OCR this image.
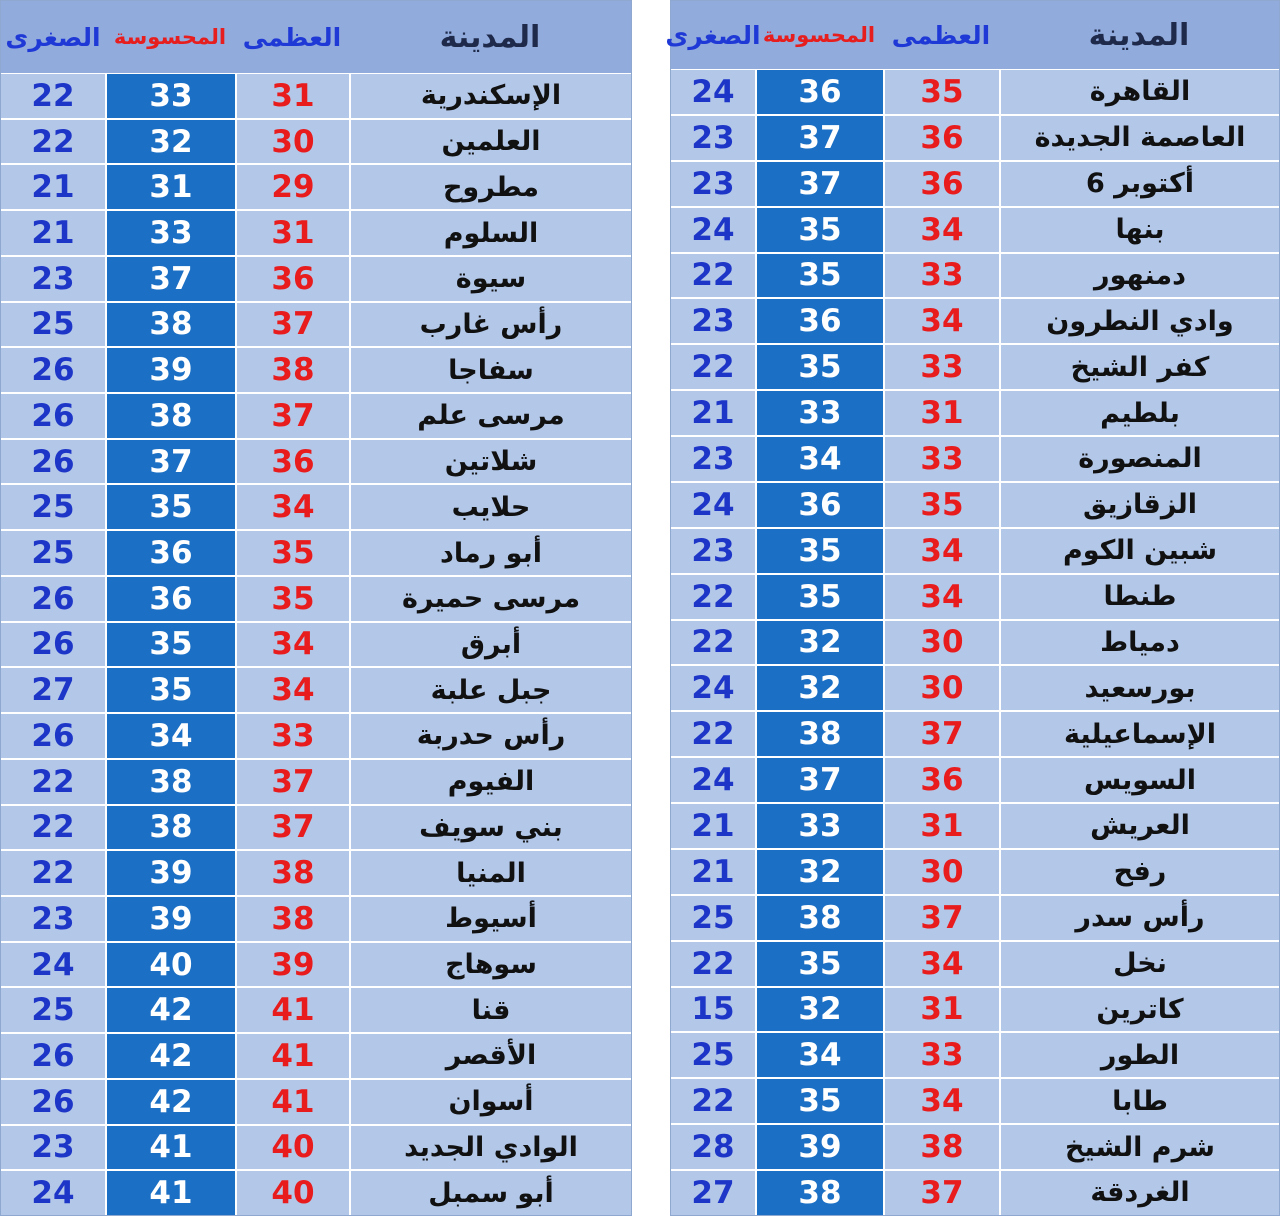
المدينة
العظمى
المحسوسة
الصغرى
الإسكندرية
31
33
22
العلمين
30
32
22
مطروح
29
31
21
السلوم
31
33
21
سيوة
36
37
23
رأس غارب
37
38
25
سفاجا
38
39
26
مرسى علم
37
38
26
شلاتين
36
37
26
حلايب
34
35
25
أبو رماد
35
36
25
مرسى حميرة
35
36
26
أبرق
34
35
26
جبل علبة
34
35
27
رأس حدربة
33
34
26
الفيوم
37
38
22
بني سويف
37
38
22
المنيا
38
39
22
أسيوط
38
39
23
سوهاج
39
40
24
قنا
41
42
25
الأقصر
41
42
26
أسوان
41
42
26
الوادي الجديد
40
41
23
أبو سمبل
40
41
24
المدينة
العظمى
المحسوسة
الصغرى
القاهرة
35
36
24
العاصمة الجديدة
36
37
23
6 أكتوبر
36
37
23
بنها
34
35
24
دمنهور
33
35
22
وادي النطرون
34
36
23
كفر الشيخ
33
35
22
بلطيم
31
33
21
المنصورة
33
34
23
الزقازيق
35
36
24
شبين الكوم
34
35
23
طنطا
34
35
22
دمياط
30
32
22
بورسعيد
30
32
24
الإسماعيلية
37
38
22
السويس
36
37
24
العريش
31
33
21
رفح
30
32
21
رأس سدر
37
38
25
نخل
34
35
22
كاترين
31
32
15
الطور
33
34
25
طابا
34
35
22
شرم الشيخ
38
39
28
الغردقة
37
38
27
